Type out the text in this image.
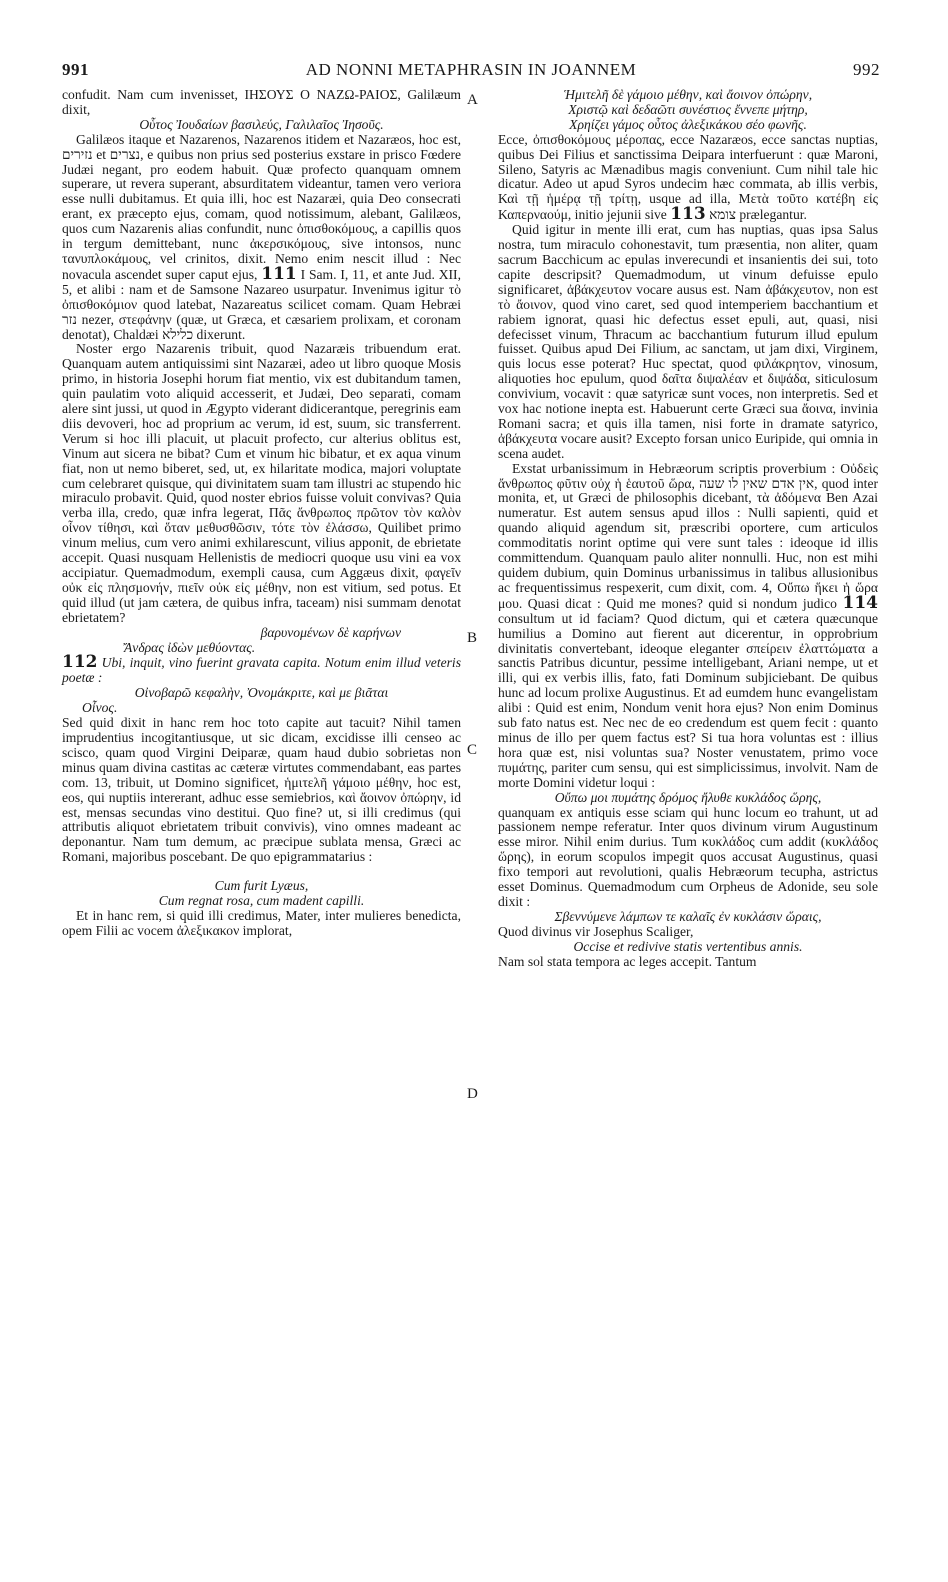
991	AD NONNI METAPHRASIN IN JOANNEM	992
A
B
C
D

confudit. Nam cum invenisset, ΙΗΣΟΥΣ Ο ΝΑΖΩ-ΡΑΙΟΣ, Galilæum dixit,

Οὗτος Ἰουδαίων βασιλεύς, Γαλιλαῖος Ἰησοῦς.

Galilæos itaque et Nazarenos, Nazarenos itidem et Nazaræos, hoc est, נזירים et נצרים, e quibus non prius sed posterius exstare in prisco Fœdere Judæi negant, pro eodem habuit. Quæ profecto quanquam omnem superare, ut revera superant, absurditatem videantur, tamen vero veriora esse nulli dubitamus. Et quia illi, hoc est Nazaræi, quia Deo consecrati erant, ex præcepto ejus, comam, quod notissimum, alebant, Galilæos, quos cum Nazarenis alias confundit, nunc ὀπισθοκόμους, a capillis quos in tergum demittebant, nunc ἀκερσικόμους, sive intonsos, nunc τανυπλοκάμους, vel crinitos, dixit. Nemo enim nescit illud : Nec novacula ascendet super caput ejus, 111 I Sam. I, 11, et ante Jud. XII, 5, et alibi : nam et de Samsone Nazareo usurpatur. Invenimus igitur τὸ ὀπισθοκόμιον quod latebat, Nazareatus scilicet comam. Quam Hebræi נזר nezer, στεφάνην (quæ, ut Græca, et cæsariem prolixam, et coronam denotat), Chaldæi כלילא dixerunt.

Noster ergo Nazarenis tribuit, quod Nazaræis tribuendum erat. Quanquam autem antiquissimi sint Nazaræi, adeo ut libro quoque Mosis primo, in historia Josephi horum fiat mentio, vix est dubitandum tamen, quin paulatim voto aliquid accesserit, et Judæi, Deo separati, comam alere sint jussi, ut quod in Ægypto viderant didicerantque, peregrinis eam diis devoveri, hoc ad proprium ac verum, id est, suum, sic transferrent. Verum si hoc illi placuit, ut placuit profecto, cur alterius oblitus est, Vinum aut sicera ne bibat? Cum et vinum hic bibatur, et ex aqua vinum fiat, non ut nemo biberet, sed, ut, ex hilaritate modica, majori voluptate cum celebraret quisque, qui divinitatem suam tam illustri ac stupendo hic miraculo probavit. Quid, quod noster ebrios fuisse voluit convivas? Quia verba illa, credo, quæ infra legerat, Πᾶς ἄνθρωπος πρῶτον τὸν καλὸν οἶνον τίθησι, καὶ ὅταν μεθυσθῶσιν, τότε τὸν ἐλάσσω, Quilibet primo vinum melius, cum vero animi exhilarescunt, vilius apponit, de ebrietate accepit. Quasi nusquam Hellenistis de mediocri quoque usu vini ea vox accipiatur. Quemadmodum, exempli causa, cum Aggæus dixit, φαγεῖν οὐκ εἰς πλησμονήν, πιεῖν οὐκ εἰς μέθην, non est vitium, sed potus. Et quid illud (ut jam cætera, de quibus infra, taceam) nisi summam denotat ebrietatem?

βαρυνομένων δὲ καρήνων

Ἄνδρας ἰδὼν μεθύοντας.

112 Ubi, inquit, vino fuerint gravata capita. Notum enim illud veteris poetæ :

Οἰνοβαρῶ κεφαλὴν, Ὀνομάκριτε, καὶ με βιᾶται

Οἶνος.

Sed quid dixit in hanc rem hoc toto capite aut tacuit? Nihil tamen imprudentius incogitantiusque, ut sic dicam, excidisse illi censeo ac scisco, quam quod Virgini Deiparæ, quam haud dubio sobrietas non minus quam divina castitas ac cæteræ virtutes commendabant, eas partes com. 13, tribuit, ut Domino significet, ἡμιτελῆ γάμοιο μέθην, hoc est, eos, qui nuptiis intererant, adhuc esse semiebrios, καὶ ἄοινον ὀπώρην, id est, mensas secundas vino destitui. Quo fine? ut, si illi credimus (qui attributis aliquot ebrietatem tribuit convivis), vino omnes madeant ac deponantur. Nam tum demum, ac præcipue sublata mensa, Græci ac Romani, majoribus poscebant. De quo epigrammatarius :

Cum furit Lyæus,

Cum regnat rosa, cum madent capilli.

Et in hanc rem, si quid illi credimus, Mater, inter mulieres benedicta, opem Filii ac vocem ἀλεξικακον implorat,

Ἡμιτελῆ δὲ γάμοιο μέθην, καὶ ἄοινον ὀπώρην,

Χριστῷ καὶ δεδαῶτι συνέστιος ἔννεπε μήτηρ,

Χρηίζει γάμος οὗτος ἀλεξικάκου σέο φωνῆς.

Ecce, ὀπισθοκόμους μέροπας, ecce Nazaræos, ecce sanctas nuptias, quibus Dei Filius et sanctissima Deipara interfuerunt : quæ Maroni, Sileno, Satyris ac Mænadibus magis conveniunt. Cum nihil tale hic dicatur. Adeo ut apud Syros undecim hæc commata, ab illis verbis, Καὶ τῇ ἡμέρᾳ τῇ τρίτῃ, usque ad illa, Μετὰ τοῦτο κατέβη εἰς Καπερναούμ, initio jejunii sive 113 צומא prælegantur.

Quid igitur in mente illi erat, cum has nuptias, quas ipsa Salus nostra, tum miraculo cohonestavit, tum præsentia, non aliter, quam sacrum Bacchicum ac epulas inverecundi et insanientis dei sui, toto capite descripsit? Quemadmodum, ut vinum defuisse epulo significaret, ἀβάκχευτον vocare ausus est. Nam ἀβάκχευτον, non est τὸ ἄοινον, quod vino caret, sed quod intemperiem bacchantium et rabiem ignorat, quasi hic defectus esset epuli, aut, quasi, nisi defecisset vinum, Thracum ac bacchantium futurum illud epulum fuisset. Quibus apud Dei Filium, ac sanctam, ut jam dixi, Virginem, quis locus esse poterat? Huc spectat, quod φιλάκρητον, vinosum, aliquoties hoc epulum, quod δαῖτα διψαλέαν et διψάδα, siticulosum convivium, vocavit : quæ satyricæ sunt voces, non interpretis. Sed et vox hac notione inepta est. Habuerunt certe Græci sua ἄοινα, invinia Romani sacra; et quis illa tamen, nisi forte in dramate satyrico, ἀβάκχευτα vocare ausit? Excepto forsan unico Euripide, qui omnia in scena audet.

Exstat urbanissimum in Hebræorum scriptis proverbium : Οὐδεὶς ἄνθρωπος φῦτιν οὐχ ἡ ἑαυτοῦ ὥρα, אין אדם שאין לו שעה, quod inter monita, et, ut Græci de philosophis dicebant, τὰ ἀδόμενα Ben Azai numeratur. Est autem sensus apud illos : Nulli sapienti, quid et quando aliquid agendum sit, præscribi oportere, cum articulos commoditatis norint optime qui vere sunt tales : ideoque id illis committendum. Quanquam paulo aliter nonnulli. Huc, non est mihi quidem dubium, quin Dominus urbanissimus in talibus allusionibus ac frequentissimus respexerit, cum dixit, com. 4, Οὔπω ἥκει ἡ ὥρα μου. Quasi dicat : Quid me mones? quid si nondum judico 114 consultum ut id faciam? Quod dictum, qui et cætera quæcunque humilius a Domino aut fierent aut dicerentur, in opprobrium divinitatis convertebant, ideoque eleganter σπείρειν ἐλαττώματα a sanctis Patribus dicuntur, pessime intelligebant, Ariani nempe, ut et illi, qui ex verbis illis, fato, fati Dominum subjiciebant. De quibus hunc ad locum prolixe Augustinus. Et ad eumdem hunc evangelistam alibi : Quid est enim, Nondum venit hora ejus? Non enim Dominus sub fato natus est. Nec nec de eo credendum est quem fecit : quanto minus de illo per quem factus est? Si tua hora voluntas est : illius hora quæ est, nisi voluntas sua? Noster venustatem, primo voce πυμάτης, pariter cum sensu, qui est simplicissimus, involvit. Nam de morte Domini videtur loqui :

Οὔπω μοι πυμάτης δρόμος ἤλυθε κυκλάδος ὥρης,

quanquam ex antiquis esse sciam qui hunc locum eo trahunt, ut ad passionem nempe referatur. Inter quos divinum virum Augustinum esse miror. Nihil enim durius. Tum κυκλάδος cum addit (κυκλάδος ὥρης), in eorum scopulos impegit quos accusat Augustinus, quasi fixo tempori aut revolutioni, qualis Hebræorum tecupha, astrictus esset Dominus. Quemadmodum cum Orpheus de Adonide, seu sole dixit :

Σβεννύμενε λάμπων τε καλαῖς ἐν κυκλάσιν ὥραις,

Quod divinus vir Josephus Scaliger,

Occise et redivive statis vertentibus annis.

Nam sol stata tempora ac leges accepit. Tantum
